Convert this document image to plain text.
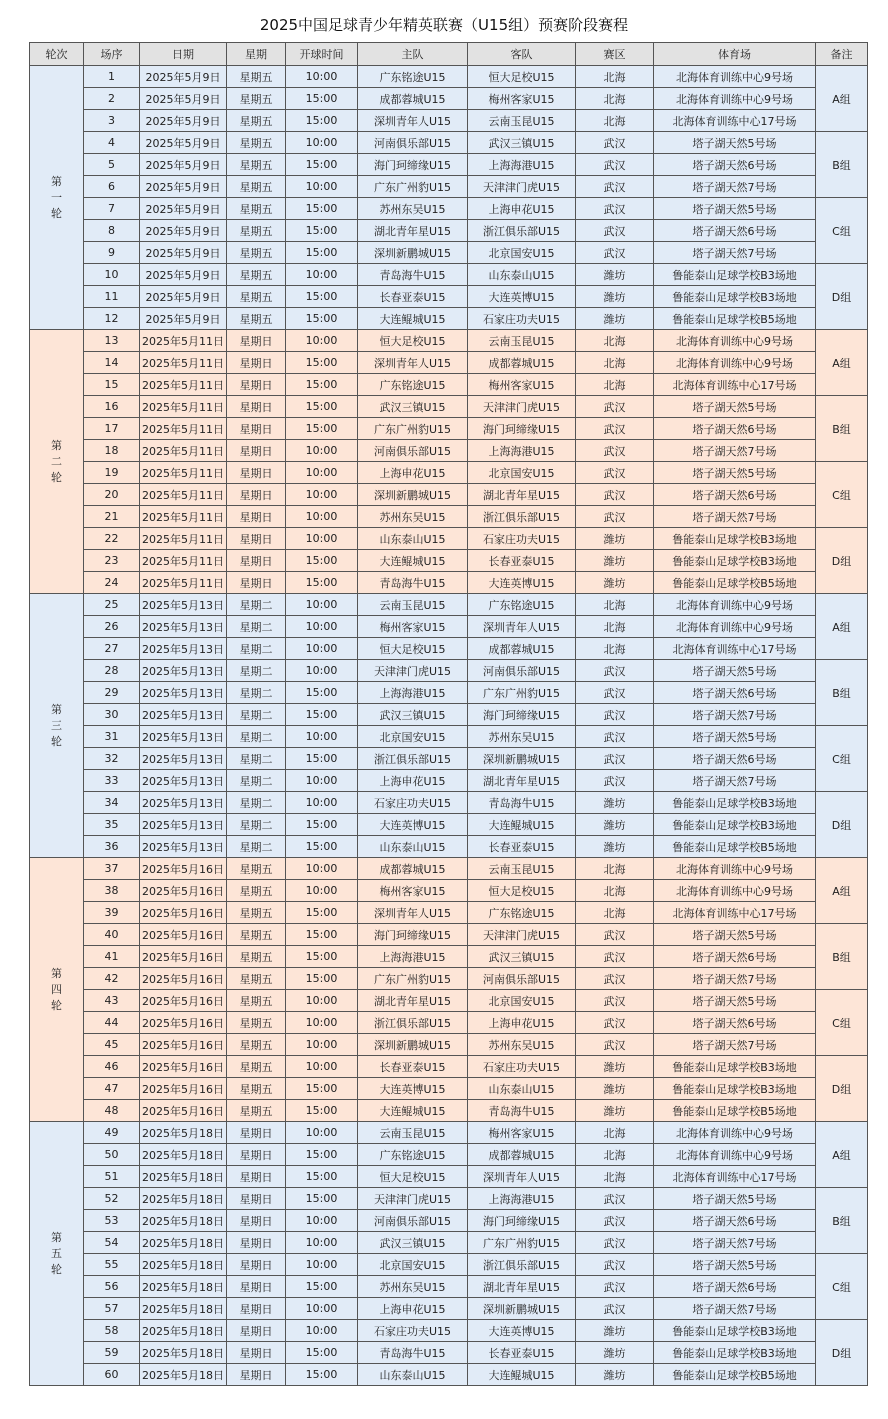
2025中国足球青少年精英联赛（U15组）预赛阶段赛程
轮次	场序	日期	星期	开球时间	主队	客队	赛区	体育场	备注

第
一
轮	1	2025年5月9日	星期五	10:00	广东铭途U15	恒大足校U15	北海	北海体育训练中心9号场	A组
	2	2025年5月9日	星期五	15:00	成都蓉城U15	梅州客家U15	北海	北海体育训练中心9号场	
	3	2025年5月9日	星期五	15:00	深圳青年人U15	云南玉昆U15	北海	北海体育训练中心17号场	
	4	2025年5月9日	星期五	10:00	河南俱乐部U15	武汉三镇U15	武汉	塔子湖天然5号场	B组
	5	2025年5月9日	星期五	15:00	海门珂缔缘U15	上海海港U15	武汉	塔子湖天然6号场	
	6	2025年5月9日	星期五	10:00	广东广州豹U15	天津津门虎U15	武汉	塔子湖天然7号场	
	7	2025年5月9日	星期五	15:00	苏州东吴U15	上海申花U15	武汉	塔子湖天然5号场	C组
	8	2025年5月9日	星期五	15:00	湖北青年星U15	浙江俱乐部U15	武汉	塔子湖天然6号场	
	9	2025年5月9日	星期五	15:00	深圳新鹏城U15	北京国安U15	武汉	塔子湖天然7号场	
	10	2025年5月9日	星期五	10:00	青岛海牛U15	山东泰山U15	潍坊	鲁能泰山足球学校B3场地	D组
	11	2025年5月9日	星期五	15:00	长春亚泰U15	大连英博U15	潍坊	鲁能泰山足球学校B3场地	
	12	2025年5月9日	星期五	15:00	大连鲲城U15	石家庄功夫U15	潍坊	鲁能泰山足球学校B5场地	

第
二
轮	13	2025年5月11日	星期日	10:00	恒大足校U15	云南玉昆U15	北海	北海体育训练中心9号场	A组
	14	2025年5月11日	星期日	15:00	深圳青年人U15	成都蓉城U15	北海	北海体育训练中心9号场	
	15	2025年5月11日	星期日	15:00	广东铭途U15	梅州客家U15	北海	北海体育训练中心17号场	
	16	2025年5月11日	星期日	15:00	武汉三镇U15	天津津门虎U15	武汉	塔子湖天然5号场	B组
	17	2025年5月11日	星期日	15:00	广东广州豹U15	海门珂缔缘U15	武汉	塔子湖天然6号场	
	18	2025年5月11日	星期日	10:00	河南俱乐部U15	上海海港U15	武汉	塔子湖天然7号场	
	19	2025年5月11日	星期日	10:00	上海申花U15	北京国安U15	武汉	塔子湖天然5号场	C组
	20	2025年5月11日	星期日	10:00	深圳新鹏城U15	湖北青年星U15	武汉	塔子湖天然6号场	
	21	2025年5月11日	星期日	10:00	苏州东吴U15	浙江俱乐部U15	武汉	塔子湖天然7号场	
	22	2025年5月11日	星期日	10:00	山东泰山U15	石家庄功夫U15	潍坊	鲁能泰山足球学校B3场地	D组
	23	2025年5月11日	星期日	15:00	大连鲲城U15	长春亚泰U15	潍坊	鲁能泰山足球学校B3场地	
	24	2025年5月11日	星期日	15:00	青岛海牛U15	大连英博U15	潍坊	鲁能泰山足球学校B5场地	

第
三
轮	25	2025年5月13日	星期二	10:00	云南玉昆U15	广东铭途U15	北海	北海体育训练中心9号场	A组
	26	2025年5月13日	星期二	10:00	梅州客家U15	深圳青年人U15	北海	北海体育训练中心9号场	
	27	2025年5月13日	星期二	10:00	恒大足校U15	成都蓉城U15	北海	北海体育训练中心17号场	
	28	2025年5月13日	星期二	10:00	天津津门虎U15	河南俱乐部U15	武汉	塔子湖天然5号场	B组
	29	2025年5月13日	星期二	15:00	上海海港U15	广东广州豹U15	武汉	塔子湖天然6号场	
	30	2025年5月13日	星期二	15:00	武汉三镇U15	海门珂缔缘U15	武汉	塔子湖天然7号场	
	31	2025年5月13日	星期二	10:00	北京国安U15	苏州东吴U15	武汉	塔子湖天然5号场	C组
	32	2025年5月13日	星期二	15:00	浙江俱乐部U15	深圳新鹏城U15	武汉	塔子湖天然6号场	
	33	2025年5月13日	星期二	10:00	上海申花U15	湖北青年星U15	武汉	塔子湖天然7号场	
	34	2025年5月13日	星期二	10:00	石家庄功夫U15	青岛海牛U15	潍坊	鲁能泰山足球学校B3场地	D组
	35	2025年5月13日	星期二	15:00	大连英博U15	大连鲲城U15	潍坊	鲁能泰山足球学校B3场地	
	36	2025年5月13日	星期二	15:00	山东泰山U15	长春亚泰U15	潍坊	鲁能泰山足球学校B5场地	

第
四
轮	37	2025年5月16日	星期五	10:00	成都蓉城U15	云南玉昆U15	北海	北海体育训练中心9号场	A组
	38	2025年5月16日	星期五	10:00	梅州客家U15	恒大足校U15	北海	北海体育训练中心9号场	
	39	2025年5月16日	星期五	15:00	深圳青年人U15	广东铭途U15	北海	北海体育训练中心17号场	
	40	2025年5月16日	星期五	15:00	海门珂缔缘U15	天津津门虎U15	武汉	塔子湖天然5号场	B组
	41	2025年5月16日	星期五	15:00	上海海港U15	武汉三镇U15	武汉	塔子湖天然6号场	
	42	2025年5月16日	星期五	15:00	广东广州豹U15	河南俱乐部U15	武汉	塔子湖天然7号场	
	43	2025年5月16日	星期五	10:00	湖北青年星U15	北京国安U15	武汉	塔子湖天然5号场	C组
	44	2025年5月16日	星期五	10:00	浙江俱乐部U15	上海申花U15	武汉	塔子湖天然6号场	
	45	2025年5月16日	星期五	10:00	深圳新鹏城U15	苏州东吴U15	武汉	塔子湖天然7号场	
	46	2025年5月16日	星期五	10:00	长春亚泰U15	石家庄功夫U15	潍坊	鲁能泰山足球学校B3场地	D组
	47	2025年5月16日	星期五	15:00	大连英博U15	山东泰山U15	潍坊	鲁能泰山足球学校B3场地	
	48	2025年5月16日	星期五	15:00	大连鲲城U15	青岛海牛U15	潍坊	鲁能泰山足球学校B5场地	

第
五
轮	49	2025年5月18日	星期日	10:00	云南玉昆U15	梅州客家U15	北海	北海体育训练中心9号场	A组
	50	2025年5月18日	星期日	15:00	广东铭途U15	成都蓉城U15	北海	北海体育训练中心9号场	
	51	2025年5月18日	星期日	15:00	恒大足校U15	深圳青年人U15	北海	北海体育训练中心17号场	
	52	2025年5月18日	星期日	15:00	天津津门虎U15	上海海港U15	武汉	塔子湖天然5号场	B组
	53	2025年5月18日	星期日	10:00	河南俱乐部U15	海门珂缔缘U15	武汉	塔子湖天然6号场	
	54	2025年5月18日	星期日	10:00	武汉三镇U15	广东广州豹U15	武汉	塔子湖天然7号场	
	55	2025年5月18日	星期日	10:00	北京国安U15	浙江俱乐部U15	武汉	塔子湖天然5号场	C组
	56	2025年5月18日	星期日	15:00	苏州东吴U15	湖北青年星U15	武汉	塔子湖天然6号场	
	57	2025年5月18日	星期日	10:00	上海申花U15	深圳新鹏城U15	武汉	塔子湖天然7号场	
	58	2025年5月18日	星期日	10:00	石家庄功夫U15	大连英博U15	潍坊	鲁能泰山足球学校B3场地	D组
	59	2025年5月18日	星期日	15:00	青岛海牛U15	长春亚泰U15	潍坊	鲁能泰山足球学校B3场地	
	60	2025年5月18日	星期日	15:00	山东泰山U15	大连鲲城U15	潍坊	鲁能泰山足球学校B5场地	
